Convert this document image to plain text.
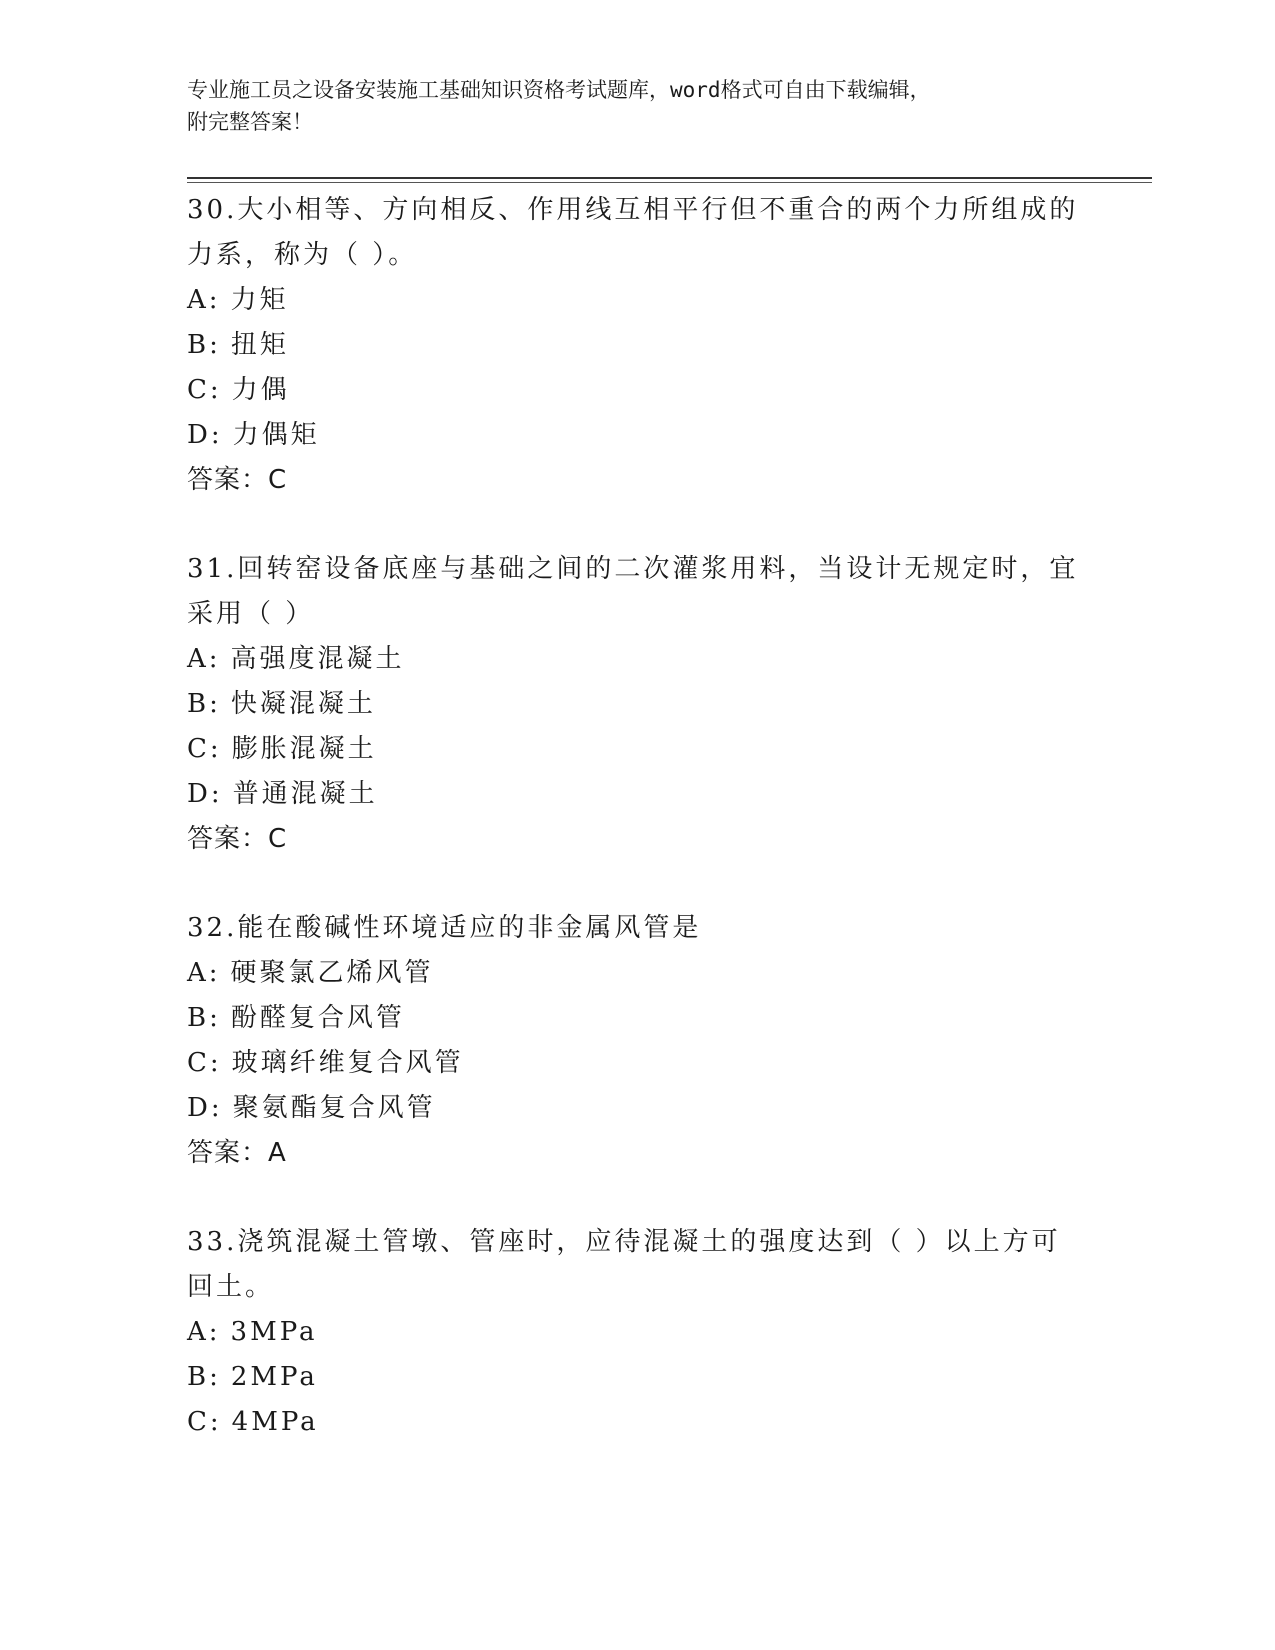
专业施工员之设备安装施工基础知识资格考试题库，word格式可自由下载编辑，
附完整答案！
30.大小相等、方向相反、作用线互相平行但不重合的两个力所组成的
力系，称为（ ）。
A: 力矩
B: 扭矩
C: 力偶
D: 力偶矩
答案：C
31.回转窑设备底座与基础之间的二次灌浆用料，当设计无规定时，宜
采用（ ）
A: 高强度混凝土
B: 快凝混凝土
C: 膨胀混凝土
D: 普通混凝土
答案：C
32.能在酸碱性环境适应的非金属风管是
A: 硬聚氯乙烯风管
B: 酚醛复合风管
C: 玻璃纤维复合风管
D: 聚氨酯复合风管
答案：A
33.浇筑混凝土管墩、管座时，应待混凝土的强度达到（ ）以上方可
回土。
A: 3MPa
B: 2MPa
C: 4MPa
